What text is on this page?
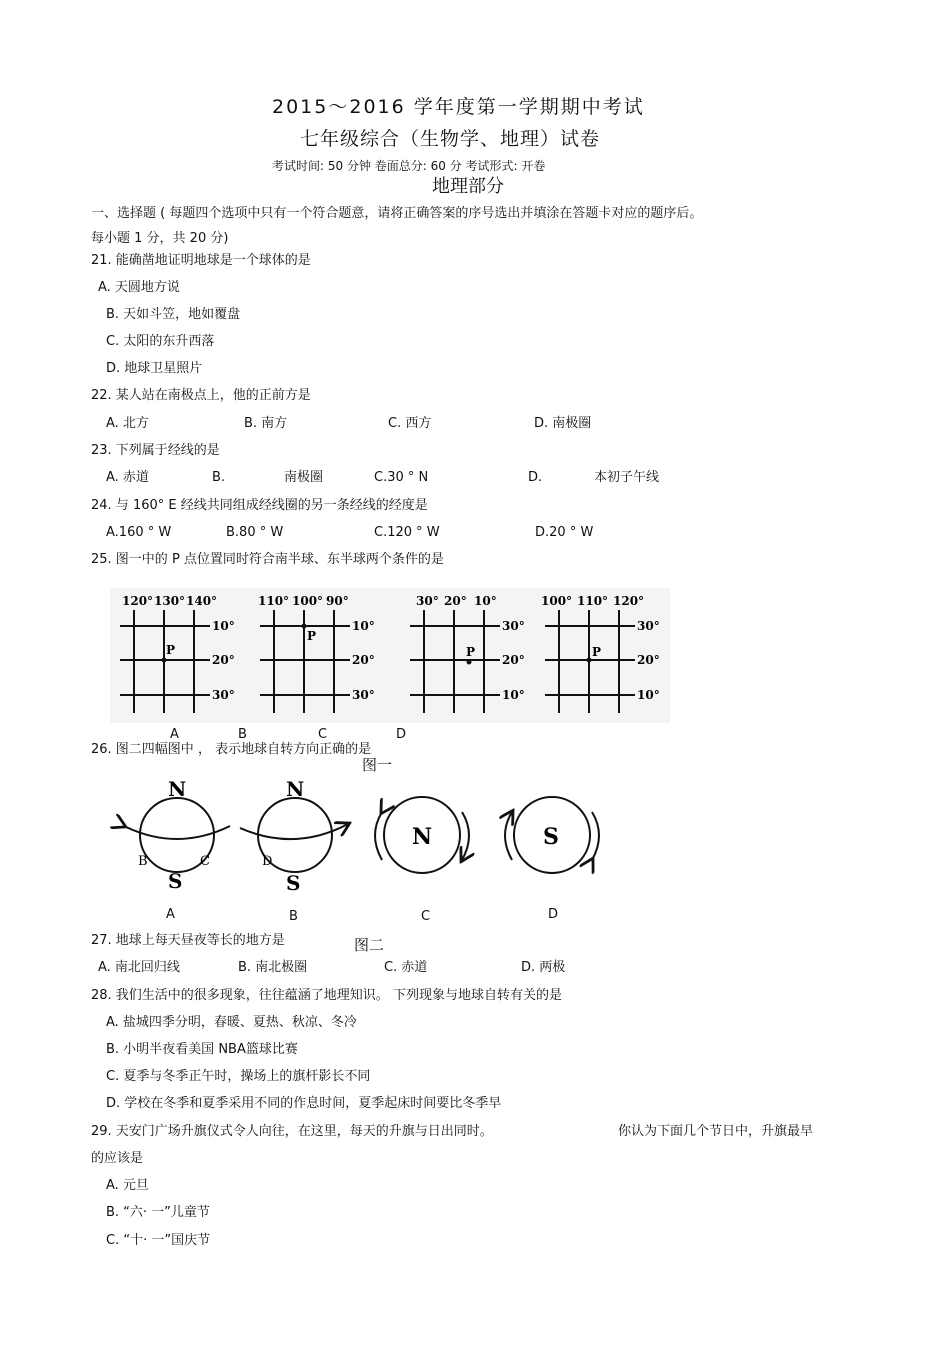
2015～2016 学年度第一学期期中考试
七年级综合（生物学、地理）试卷
考试时间: 50 分钟 卷面总分: 60 分 考试形式: 开卷
地理部分
一、选择题 ( 每题四个选项中只有一个符合题意，请将正确答案的序号选出并填涂在答题卡对应的题序后。
每小题 1 分，共 20 分)
21. 能确凿地证明地球是一个球体的是
A. 天圆地方说
B. 天如斗笠，地如覆盘
C. 太阳的东升西落
D. 地球卫星照片
22. 某人站在南极点上，他的正前方是
A. 北方	B. 南方	C. 西方	D. 南极圈
23. 下列属于经线的是
A. 赤道	B.	南极圈	C.30 ° N	D.	本初子午线
24. 与 160° E 经线共同组成经线圈的另一条经线的经度是
A.160 ° W	B.80 ° W	C.120 ° W	D.20 ° W
25. 图一中的 P 点位置同时符合南半球、东半球两个条件的是
120° 130° 140°
10°
20°
30°
P
110° 100° 90°
10°
20°
30°
P
30° 20° 10°
30°
20°
10°
P
100° 110° 120°
30°
20°
10°
P
A	B	C	D
26. 图二四幅图中 ， 表示地球自转方向正确的是
图一
N
S
B	C
N
S
D
N	S
A	B	C	D
27. 地球上每天昼夜等长的地方是	图二
A. 南北回归线	B. 南北极圈	C. 赤道	D. 两极
28. 我们生活中的很多现象，往往蕴涵了地理知识。 下列现象与地球自转有关的是
A. 盐城四季分明，春暖、夏热、秋凉、冬冷
B. 小明半夜看美国 NBA篮球比赛
C. 夏季与冬季正午时，操场上的旗杆影长不同
D. 学校在冬季和夏季采用不同的作息时间，夏季起床时间要比冬季早
29. 天安门广场升旗仪式令人向往，在这里，每天的升旗与日出同时。	你认为下面几个节日中，升旗最早
的应该是
A. 元旦
B. “六· 一”儿童节
C. “十· 一”国庆节
